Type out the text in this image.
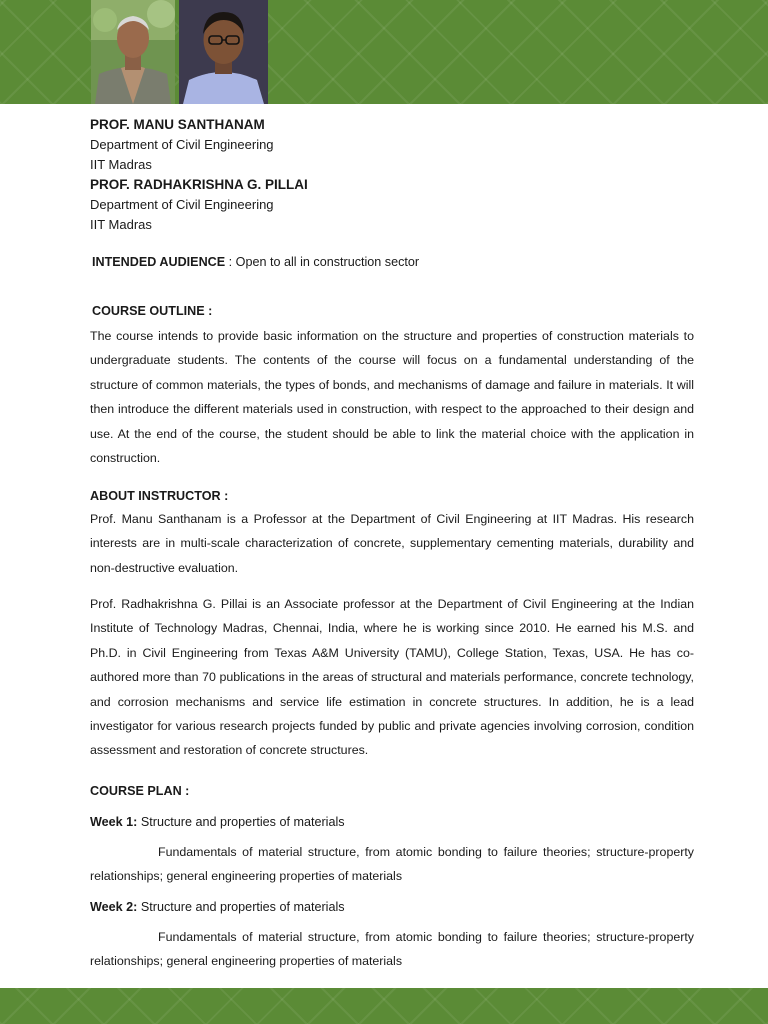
PROF. MANU SANTHANAM
Department of Civil Engineering
IIT Madras
PROF. RADHAKRISHNA G. PILLAI
Department of Civil Engineering
IIT Madras
INTENDED AUDIENCE : Open to all in construction sector
COURSE OUTLINE :

The course intends to provide basic information on the structure and properties of construction materials to undergraduate students. The contents of the course will focus on a fundamental understanding of the structure of common materials, the types of bonds, and mechanisms of damage and failure in materials. It will then introduce the different materials used in construction, with respect to the approached to their design and use. At the end of the course, the student should be able to link the material choice with the application in construction.

ABOUT INSTRUCTOR :

Prof. Manu Santhanam is a Professor at the Department of Civil Engineering at IIT Madras. His research interests are in multi-scale characterization of concrete, supplementary cementing materials, durability and non-destructive evaluation.

Prof. Radhakrishna G. Pillai is an Associate professor at the Department of Civil Engineering at the Indian Institute of Technology Madras, Chennai, India, where he is working since 2010. He earned his M.S. and Ph.D. in Civil Engineering from Texas A&M University (TAMU), College Station, Texas, USA. He has co-authored more than 70 publications in the areas of structural and materials performance, concrete technology, and corrosion mechanisms and service life estimation in concrete structures. In addition, he is a lead investigator for various research projects funded by public and private agencies involving corrosion, condition assessment and restoration of concrete structures.

COURSE PLAN :
Week 1: Structure and properties of materials

Fundamentals of material structure, from atomic bonding to failure theories; structure-property relationships; general engineering properties of materials

Week 2: Structure and properties of materials

Fundamentals of material structure, from atomic bonding to failure theories; structure-property relationships; general engineering properties of materials
